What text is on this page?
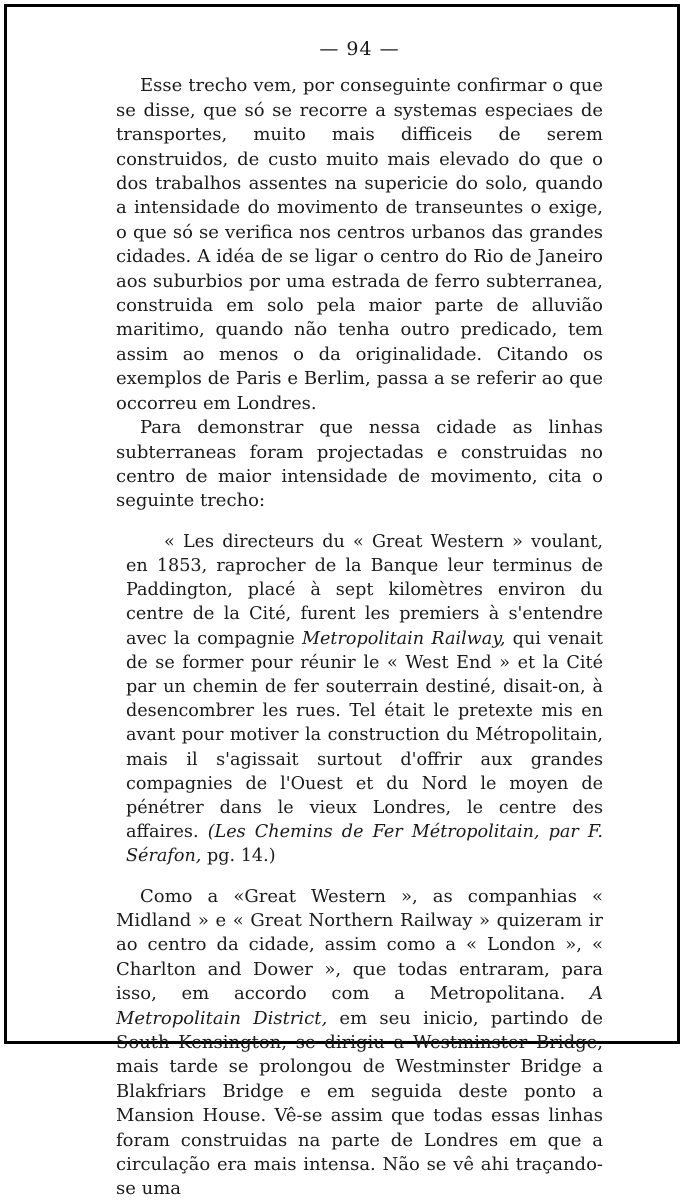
— 94 —

Esse trecho vem, por conseguinte confirmar o que se disse, que só se recorre a systemas especiaes de transportes, muito mais difficeis de serem construidos, de custo muito mais elevado do que o dos trabalhos assentes na supericie do solo, quando a intensidade do movimento de transeuntes o exige, o que só se verifica nos centros urbanos das grandes cidades. A idéa de se ligar o centro do Rio de Janeiro aos suburbios por uma estrada de ferro subterranea, construida em solo pela maior parte de alluvião maritimo, quando não tenha outro predicado, tem assim ao menos o da originalidade. Citando os exemplos de Paris e Berlim, passa a se referir ao que occorreu em Londres.

Para demonstrar que nessa cidade as linhas subterraneas foram projectadas e construidas no centro de maior intensidade de movimento, cita o seguinte trecho:

« Les directeurs du « Great Western » voulant, en 1853, raprocher de la Banque leur terminus de Paddington, placé à sept kilomètres environ du centre de la Cité, furent les premiers à s'entendre avec la compagnie Metropolitain Railway, qui venait de se former pour réunir le « West End » et la Cité par un chemin de fer souterrain destiné, disait-on, à desencombrer les rues. Tel était le pretexte mis en avant pour motiver la construction du Métropolitain, mais il s'agissait surtout d'offrir aux grandes compagnies de l'Ouest et du Nord le moyen de pénétrer dans le vieux Londres, le centre des affaires. (Les Chemins de Fer Métropolitain, par F. Sérafon, pg. 14.)

Como a «Great Western », as companhias « Midland » e « Great Northern Railway » quizeram ir ao centro da cidade, assim como a « London », « Charlton and Dower », que todas entraram, para isso, em accordo com a Metropolitana. A Metropolitain District, em seu inicio, partindo de South Kensington, se dirigiu a Westminster Bridge, mais tarde se prolongou de Westminster Bridge a Blakfriars Bridge e em seguida deste ponto a Mansion House. Vê-se assim que todas essas linhas foram construidas na parte de Londres em que a circulação era mais intensa. Não se vê ahi traçando-se uma
